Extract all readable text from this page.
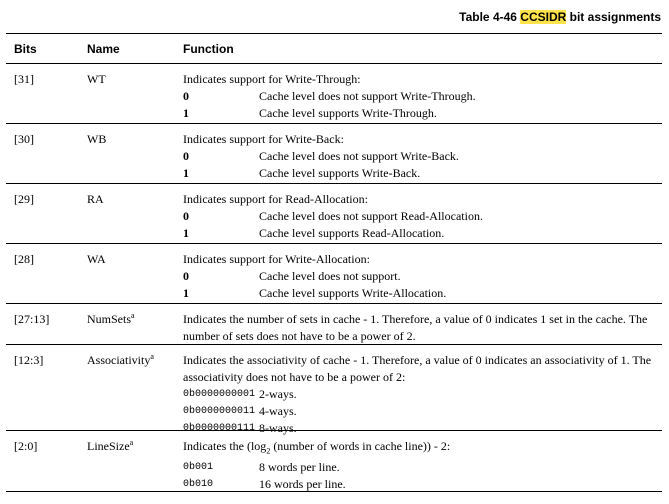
Table 4-46 CCSIDR bit assignments
Bits	Name	Function
[31]	WT	Indicates support for Write-Through:
0	Cache level does not support Write-Through.
1	Cache level supports Write-Through.
[30]	WB	Indicates support for Write-Back:
0	Cache level does not support Write-Back.
1	Cache level supports Write-Back.
[29]	RA	Indicates support for Read-Allocation:
0	Cache level does not support Read-Allocation.
1	Cache level supports Read-Allocation.
[28]	WA	Indicates support for Write-Allocation:
0	Cache level does not support.
1	Cache level supports Write-Allocation.
[27:13]	NumSets$^a$	Indicates the number of sets in cache - 1. Therefore, a value of 0 indicates 1 set in the cache. The number of sets does not have to be a power of 2.
[12:3]	Associativity$^a$	Indicates the associativity of cache - 1. Therefore, a value of 0 indicates an associativity of 1. The associativity does not have to be a power of 2:
0b0000000001 2-ways.
0b0000000011 4-ways.
0b0000000111 8-ways.
[2:0]	LineSize$^a$	Indicates the ($\log_2$ (number of words in cache line)) - 2:
0b001	8 words per line.
0b010	16 words per line.
